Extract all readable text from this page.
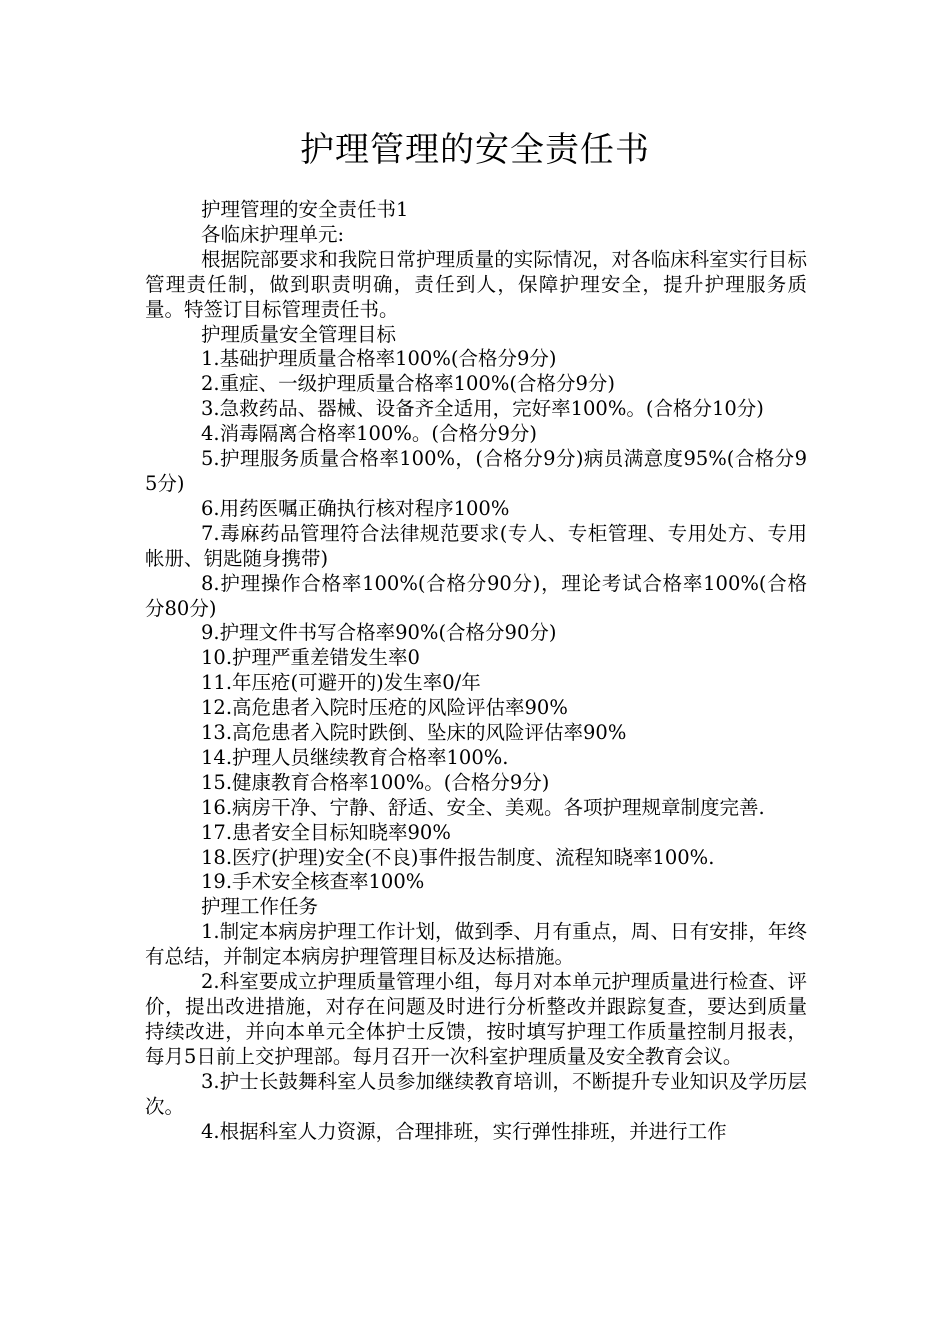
护理管理的安全责任书

护理管理的安全责任书1

各临床护理单元:

根据院部要求和我院日常护理质量的实际情况，对各临床科室实行目标管理责任制，做到职责明确，责任到人，保障护理安全，提升护理服务质量。特签订目标管理责任书。

护理质量安全管理目标

1.基础护理质量合格率100%(合格分9分)

2.重症、一级护理质量合格率100%(合格分9分)

3.急救药品、器械、设备齐全适用，完好率100%。(合格分10分)

4.消毒隔离合格率100%。(合格分9分)

5.护理服务质量合格率100%，(合格分9分)病员满意度95%(合格分95分)

6.用药医嘱正确执行核对程序100%

7.毒麻药品管理符合法律规范要求(专人、专柜管理、专用处方、专用帐册、钥匙随身携带)

8.护理操作合格率100%(合格分90分)，理论考试合格率100%(合格分80分)

9.护理文件书写合格率90%(合格分90分)

10.护理严重差错发生率0

11.年压疮(可避开的)发生率0/年

12.高危患者入院时压疮的风险评估率90%

13.高危患者入院时跌倒、坠床的风险评估率90%

14.护理人员继续教育合格率100%.

15.健康教育合格率100%。(合格分9分)

16.病房干净、宁静、舒适、安全、美观。各项护理规章制度完善.

17.患者安全目标知晓率90%

18.医疗(护理)安全(不良)事件报告制度、流程知晓率100%.

19.手术安全核查率100%

护理工作任务

1.制定本病房护理工作计划，做到季、月有重点，周、日有安排，年终有总结，并制定本病房护理管理目标及达标措施。

2.科室要成立护理质量管理小组，每月对本单元护理质量进行检查、评价，提出改进措施，对存在问题及时进行分析整改并跟踪复查，要达到质量持续改进，并向本单元全体护士反馈，按时填写护理工作质量控制月报表，每月5日前上交护理部。每月召开一次科室护理质量及安全教育会议。

3.护士长鼓舞科室人员参加继续教育培训，不断提升专业知识及学历层次。

4.根据科室人力资源，合理排班，实行弹性排班，并进行工作
